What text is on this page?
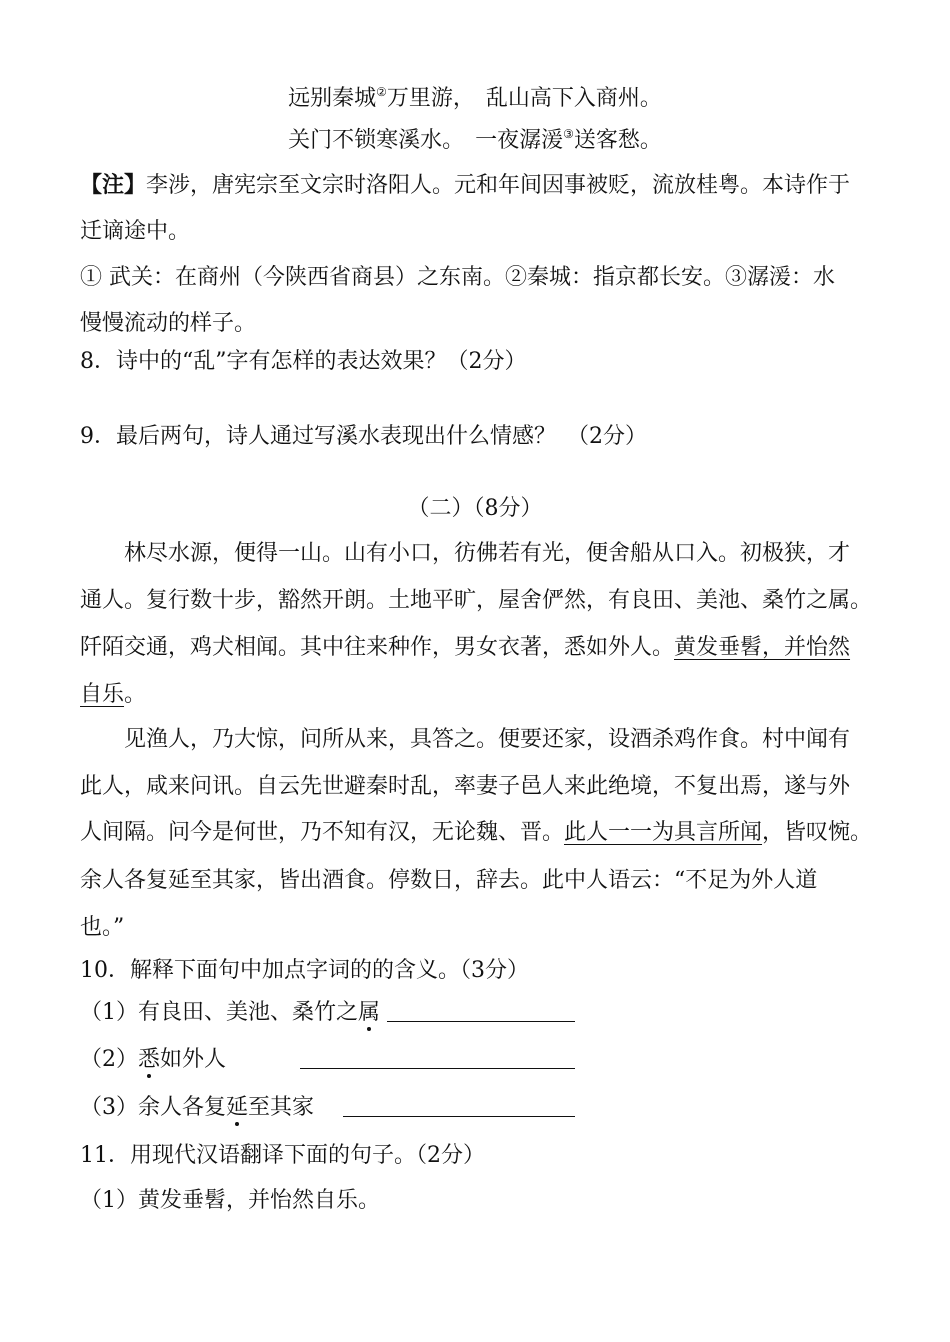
远别秦城②万里游，　乱山高下入商州。
关门不锁寒溪水。　一夜潺湲③送客愁。
【注】李涉，唐宪宗至文宗时洛阳人。元和年间因事被贬，流放桂粤。本诗作于
迁谪途中。
① 武关：在商州（今陕西省商县）之东南。②秦城：指京都长安。③潺湲：水
慢慢流动的样子。
8．诗中的“乱”字有怎样的表达效果？（2分）
9．最后两句，诗人通过写溪水表现出什么情感？　（2分）
（二）（8分）
林尽水源，便得一山。山有小口，彷佛若有光，便舍船从口入。初极狭，才
通人。复行数十步，豁然开朗。土地平旷，屋舍俨然，有良田、美池、桑竹之属。
阡陌交通，鸡犬相闻。其中往来种作，男女衣著，悉如外人。黄发垂髫，并怡然
自乐。
见渔人，乃大惊，问所从来，具答之。便要还家，设酒杀鸡作食。村中闻有
此人，咸来问讯。自云先世避秦时乱，率妻子邑人来此绝境，不复出焉，遂与外
人间隔。问今是何世，乃不知有汉，无论魏、晋。此人一一为具言所闻，皆叹惋。
余人各复延至其家，皆出酒食。停数日，辞去。此中人语云：“不足为外人道
也。”
10．解释下面句中加点字词的的含义。（3分）
（1）有良田、美池、桑竹之属
（2）悉如外人
（3）余人各复延至其家
11．用现代汉语翻译下面的句子。（2分）
（1）黄发垂髫，并怡然自乐。
